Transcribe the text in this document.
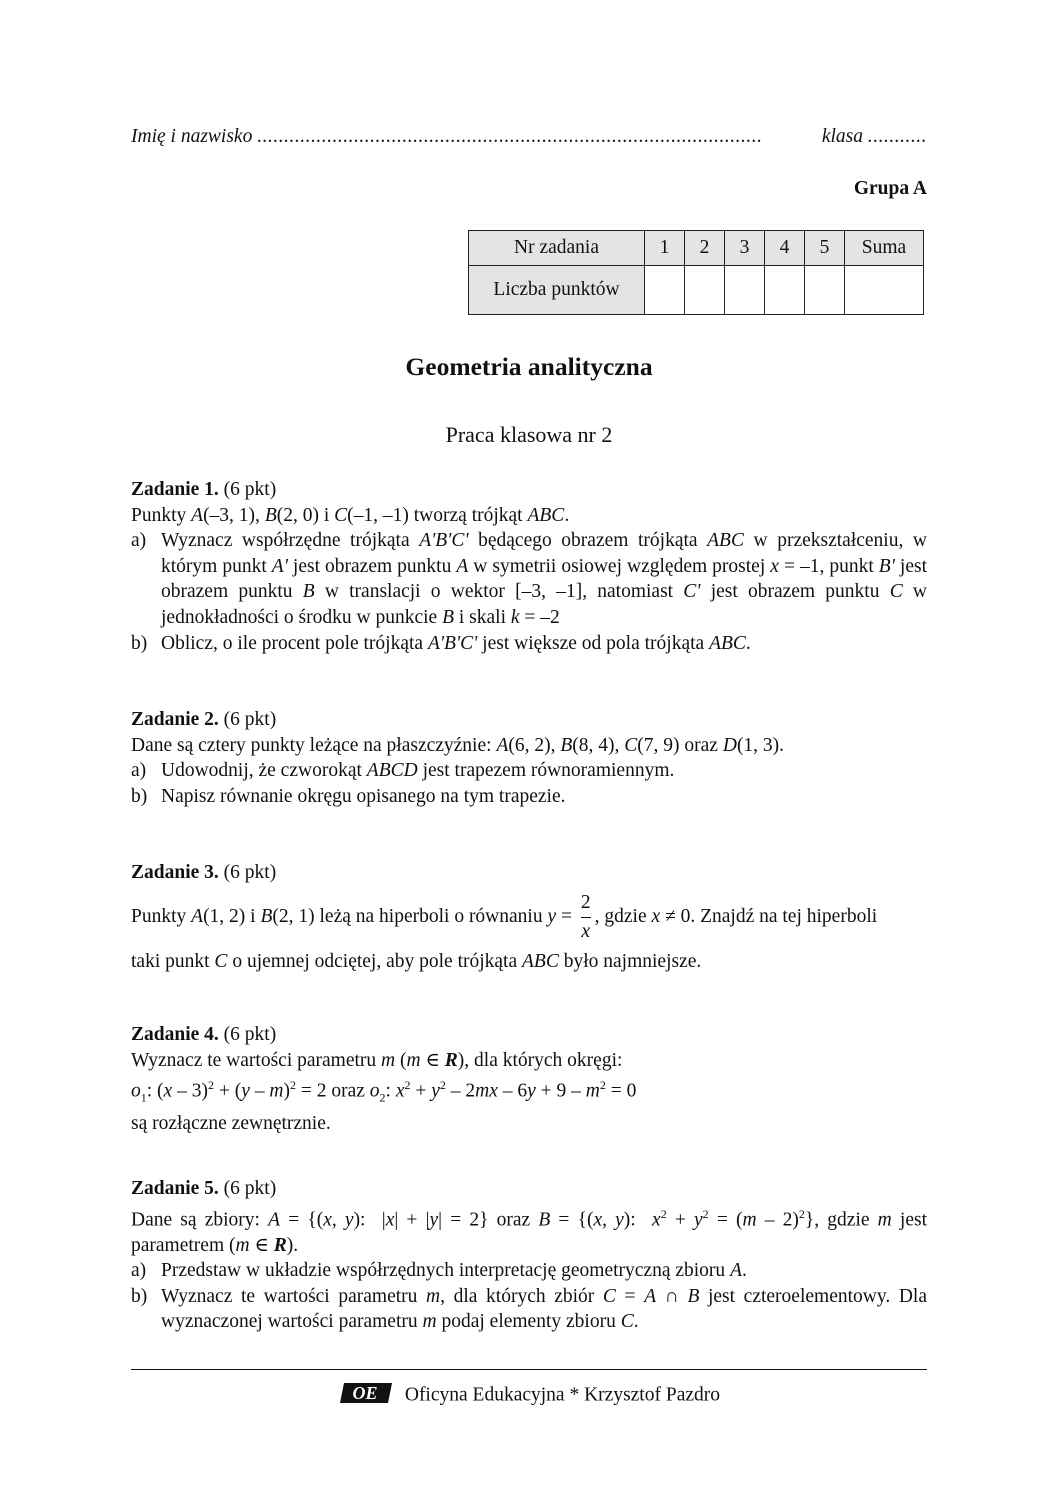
Imię i nazwisko ..............................................................................................	klasa ...........
Grupa A
Nr zadania	1	2	3	4	5	Suma
Liczba punktów						
Geometria analityczna
Praca klasowa nr 2

Zadanie 1. (6 pkt)

Punkty A(–3, 1), B(2, 0) i C(–1, –1) tworzą trójkąt ABC.

a) Wyznacz współrzędne trójkąta A'B'C' będącego obrazem trójkąta ABC w przekształceniu, w którym punkt A' jest obrazem punktu A w symetrii osiowej względem prostej x = –1, punkt B' jest obrazem punktu B w translacji o wektor [–3, –1], natomiast C' jest obrazem punktu C w jednokładności o środku w punkcie B i skali k = –2
b) Oblicz, o ile procent pole trójkąta A'B'C' jest większe od pola trójkąta ABC.

Zadanie 2. (6 pkt)

Dane są cztery punkty leżące na płaszczyźnie: A(6, 2), B(8, 4), C(7, 9) oraz D(1, 3).

a) Udowodnij, że czworokąt ABCD jest trapezem równoramiennym.
b) Napisz równanie okręgu opisanego na tym trapezie.

Zadanie 3. (6 pkt)

Punkty A(1, 2) i B(2, 1) leżą na hiperboli o równaniu $y = \frac{2}{x}$ , gdzie x ≠ 0. Znajdź na tej hiperboli

taki punkt C o ujemnej odciętej, aby pole trójkąta ABC było najmniejsze.

Zadanie 4. (6 pkt)

Wyznacz te wartości parametru m (m ∈ R), dla których okręgi:

$o_1$: (x – 3)$^2$ + (y – m)$^2$ = 2 oraz $o_2$: $x^2 + y^2 - 2mx - 6y + 9 - m^2 = 0$

są rozłączne zewnętrznie.

Zadanie 5. (6 pkt)

Dane są zbiory: A = {(x, y):  |x| + |y| = 2} oraz B = {(x, y):  $x^2 + y^2 = (m - 2)^2$}, gdzie m jest parametrem (m ∈ R).

a) Przedstaw w układzie współrzędnych interpretację geometryczną zbioru A.
b) Wyznacz te wartości parametru m, dla których zbiór C = A ∩ B jest czteroelementowy. Dla wyznaczonej wartości parametru m podaj elementy zbioru C.
OE Oficyna Edukacyjna * Krzysztof Pazdro
